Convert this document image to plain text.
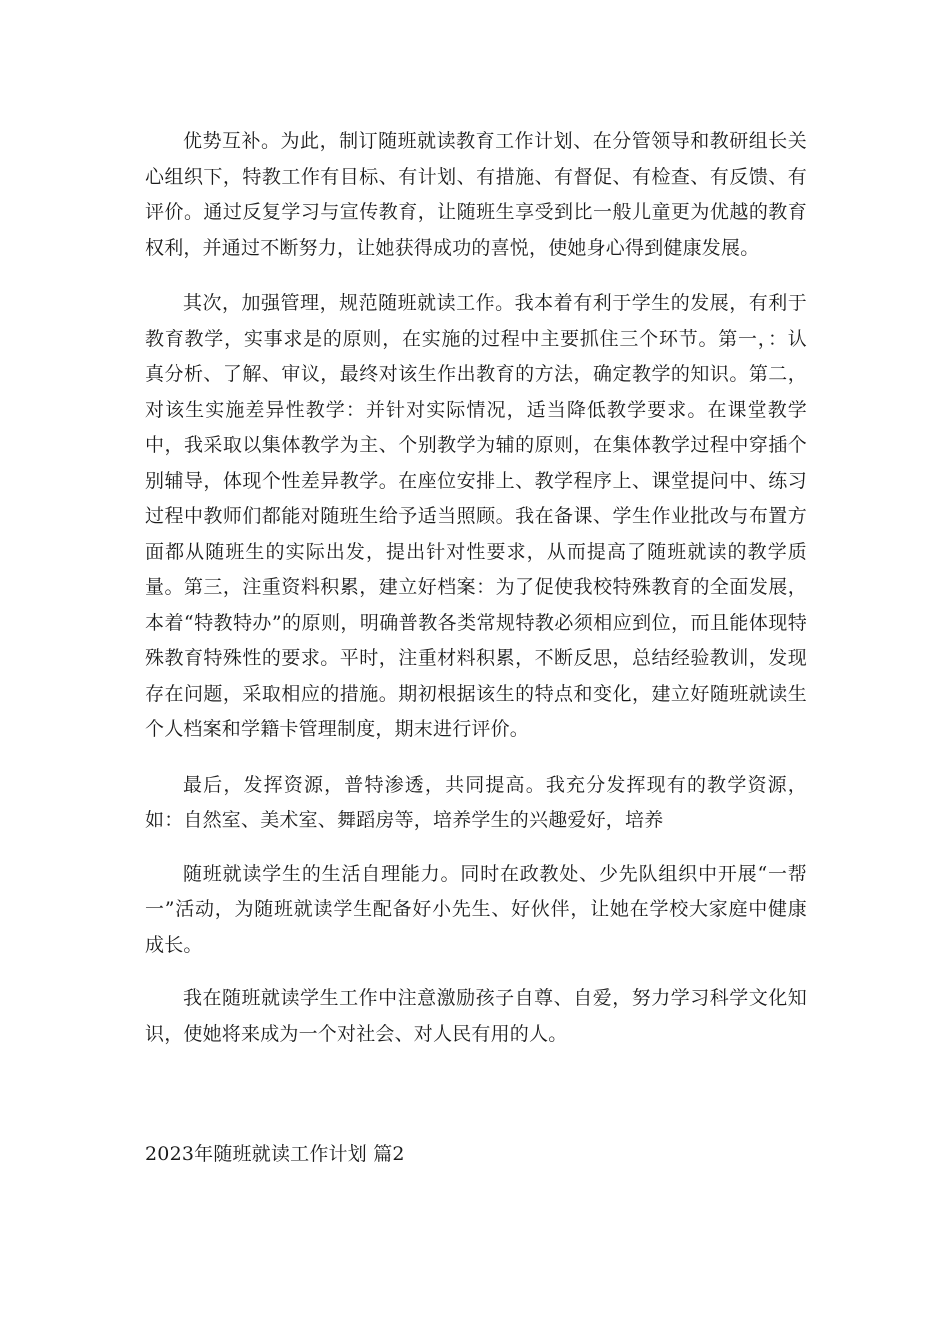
优势互补。为此，制订随班就读教育工作计划、在分管领导和教研组长关心组织下，特教工作有目标、有计划、有措施、有督促、有检查、有反馈、有评价。通过反复学习与宣传教育，让随班生享受到比一般儿童更为优越的教育权利，并通过不断努力，让她获得成功的喜悦，使她身心得到健康发展。

其次，加强管理，规范随班就读工作。我本着有利于学生的发展，有利于教育教学，实事求是的原则，在实施的过程中主要抓住三个环节。第一，：认真分析、了解、审议，最终对该生作出教育的方法，确定教学的知识。第二，对该生实施差异性教学：并针对实际情况，适当降低教学要求。在课堂教学中，我采取以集体教学为主、个别教学为辅的原则，在集体教学过程中穿插个别辅导，体现个性差异教学。在座位安排上、教学程序上、课堂提问中、练习过程中教师们都能对随班生给予适当照顾。我在备课、学生作业批改与布置方面都从随班生的实际出发，提出针对性要求，从而提高了随班就读的教学质量。第三，注重资料积累，建立好档案：为了促使我校特殊教育的全面发展，本着“特教特办”的原则，明确普教各类常规特教必须相应到位，而且能体现特殊教育特殊性的要求。平时，注重材料积累，不断反思，总结经验教训，发现存在问题，采取相应的措施。期初根据该生的特点和变化，建立好随班就读生个人档案和学籍卡管理制度，期末进行评价。

最后，发挥资源，普特渗透，共同提高。我充分发挥现有的教学资源，如：自然室、美术室、舞蹈房等，培养学生的兴趣爱好，培养

随班就读学生的生活自理能力。同时在政教处、少先队组织中开展“一帮一”活动，为随班就读学生配备好小先生、好伙伴，让她在学校大家庭中健康成长。

我在随班就读学生工作中注意激励孩子自尊、自爱，努力学习科学文化知识，使她将来成为一个对社会、对人民有用的人。

2023年随班就读工作计划 篇2
